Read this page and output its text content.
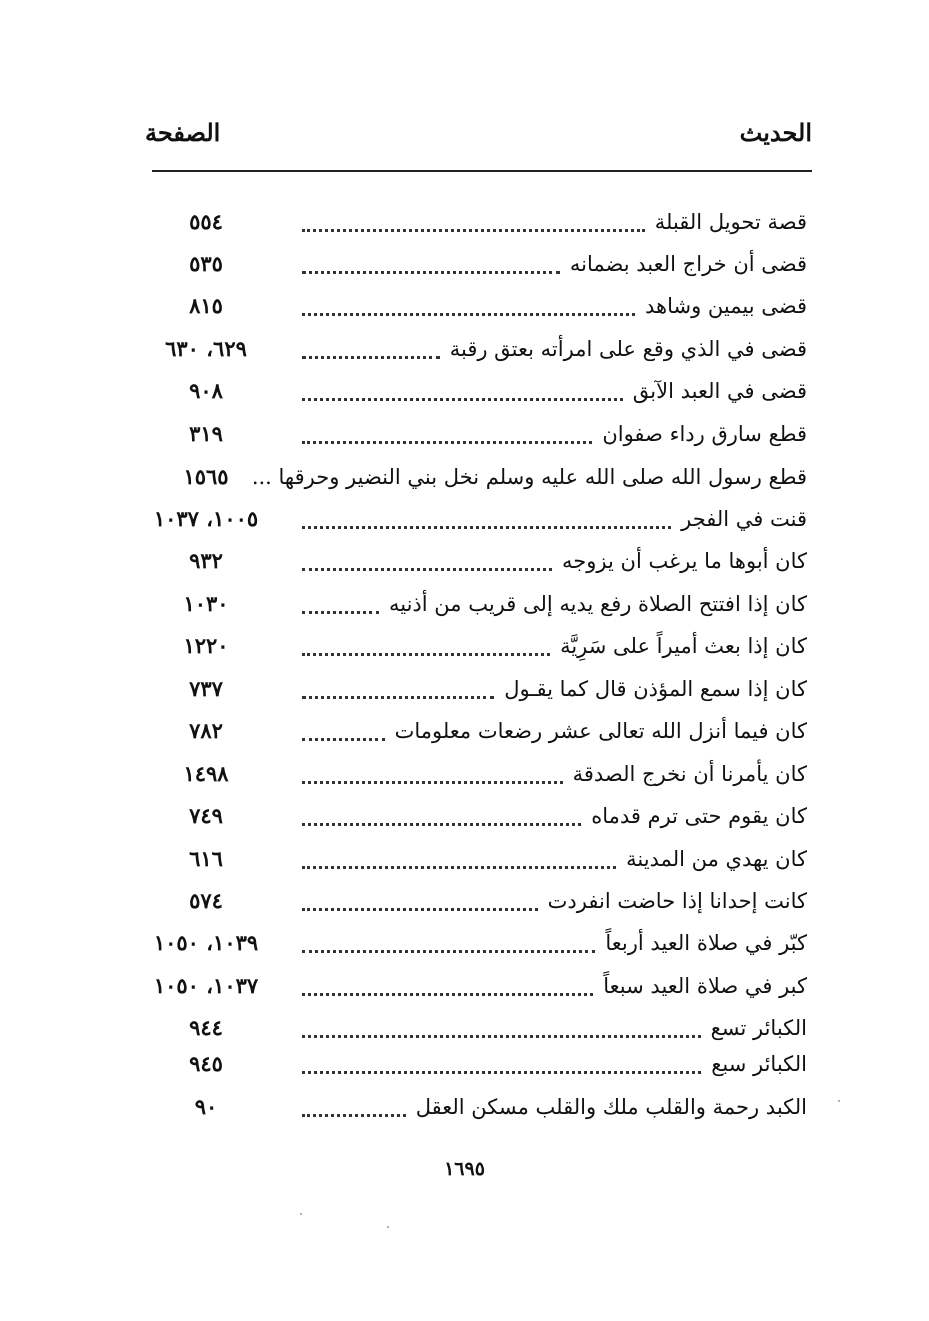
الحديث
الصفحة
قصة تحويل القبلة
٥٥٤
قضى أن خراج العبد بضمانه
٥٣٥
قضى بيمين وشاهد
٨١٥
قضى في الذي وقع على امرأته بعتق رقبة
٦٢٩، ٦٣٠
قضى في العبد الآبق
٩٠٨
قطع سارق رداء صفوان
٣١٩
قطع رسول الله صلى الله عليه وسلم نخل بني النضير وحرقها ...
١٥٦٥
قنت في الفجر
١٠٠٥، ١٠٣٧
كان أبوها ما يرغب أن يزوجه
٩٣٢
كان إذا افتتح الصلاة رفع يديه إلى قريب من أذنيه
١٠٣٠
كان إذا بعث أميراً على سَرِيَّة
١٢٢٠
كان إذا سمع المؤذن قال كما يقـول
٧٣٧
كان فيما أنزل الله تعالى عشر رضعات معلومات
٧٨٢
كان يأمرنا أن نخرج الصدقة
١٤٩٨
كان يقوم حتى ترم قدماه
٧٤٩
كان يهدي من المدينة
٦١٦
كانت إحدانا إذا حاضت انفردت
٥٧٤
كبّر في صلاة العيد أربعاً
١٠٣٩، ١٠٥٠
كبر في صلاة العيد سبعاً
١٠٣٧، ١٠٥٠
الكبائر تسع
٩٤٤
الكبائر سبع
٩٤٥
الكبد رحمة والقلب ملك والقلب مسكن العقل
٩٠
١٦٩٥
